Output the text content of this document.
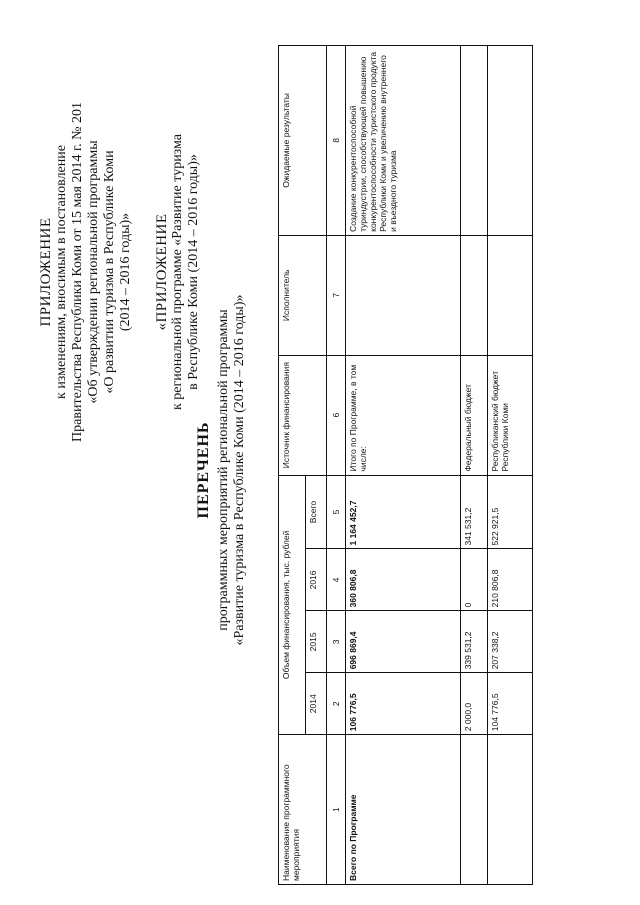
ПРИЛОЖЕНИЕ к изменениям, вносимым в постановление Правительства Республики Коми от 15 мая 2014 г. № 201 «Об утверждении региональной программы «О развитии туризма в Республике Коми (2014 – 2016 годы)» «ПРИЛОЖЕНИЕ к региональной программе «Развитие туризма в Республике Коми (2014 – 2016 годы)»
ПЕРЕЧЕНЬ программных мероприятий региональной программы «Развитие туризма в Республике Коми (2014 – 2016 годы)»
Наименование программного мероприятия	Объем финансирования, тыс. рублей				Источник финансирования	Исполнитель	Ожидаемые результаты
	2014	2015	2016	Всего			
1	2	3	4	5	6	7	8
Всего по Программе	106 776,5	696 869,4	360 806,8	1 164 452,7	Итого по Программе, в том числе:		Создание конкурентоспособной туриндустрии, способствующей повышению конкурентоспособности туристского продукта Республики Коми и увеличению внутреннего и въездного туризма
	2 000,0	339 531,2	0	341 531,2	Федеральный бюджет		
	104 776,5	207 338,2	210 806,8	522 921,5	Республиканский бюджет Республики Коми		
